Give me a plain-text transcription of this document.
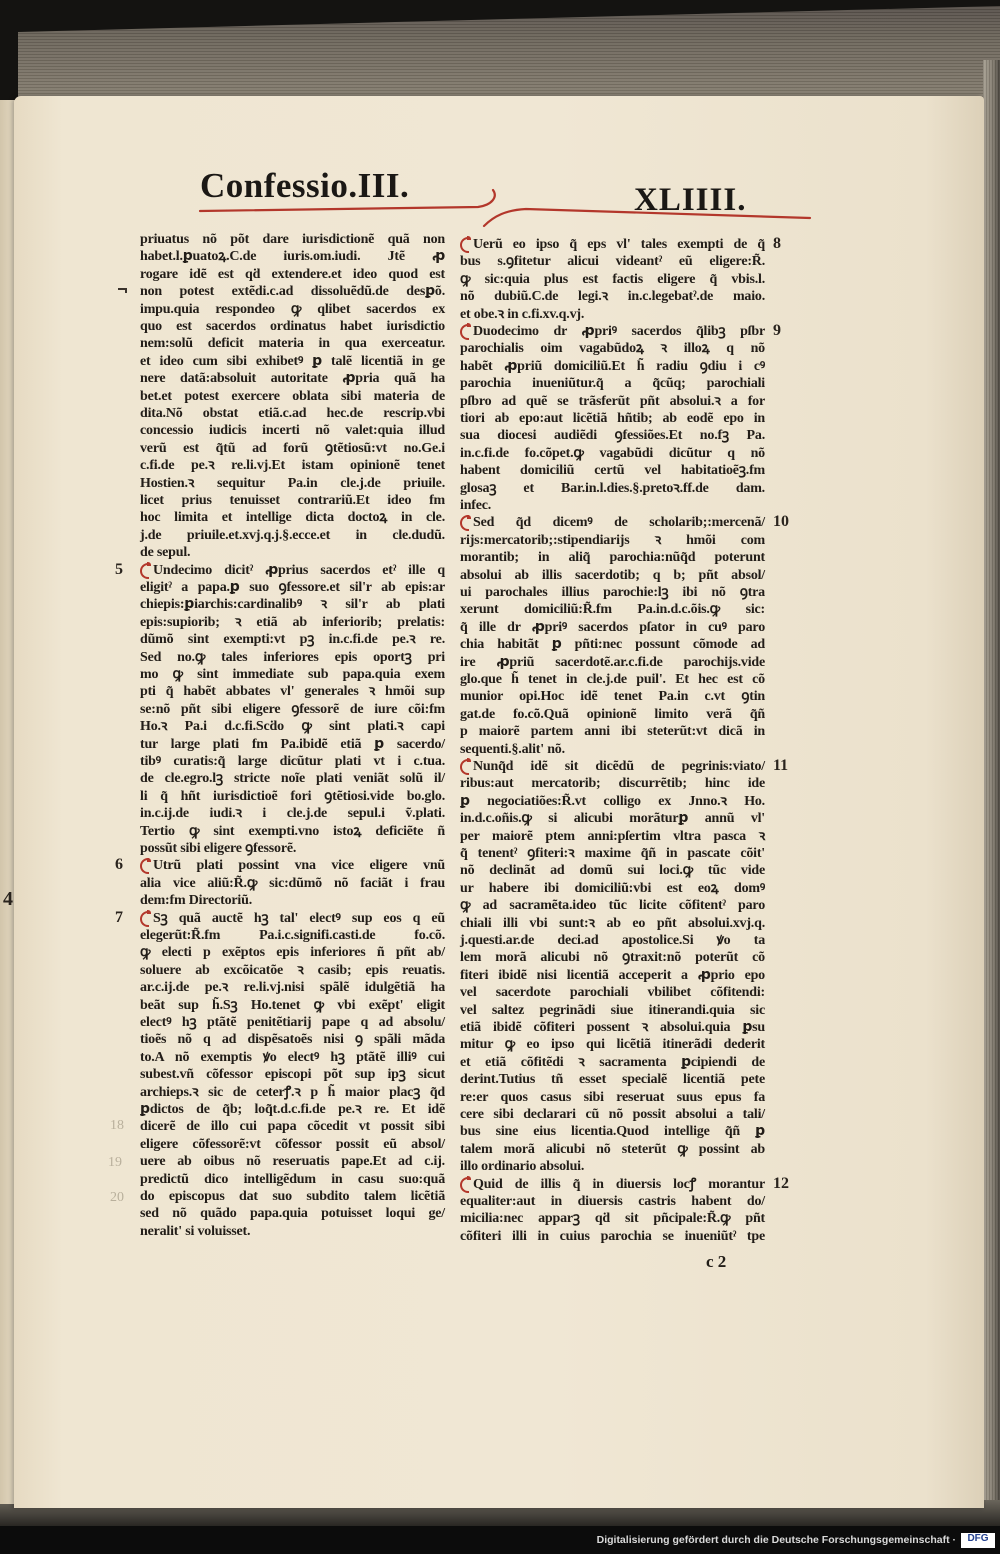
4
Confessio.III.	XLIIII.
priuatus nõ põt dare iurisdictionẽ quã non
habet.l.ꝑuatoꝝ.C.de iuris.om.iudi. Jtẽ ꝓ
rogare idẽ est qḋ extendere.et ideo quod est
non potest extẽdi.c.ad dissoluẽdũ.de desꝑõ.
impu.quia respondeo ꝙ qlibet sacerdos ex
quo est sacerdos ordinatus habet iurisdictio
nem:solũ deficit materia in qua exerceatur.
et ideo cum sibi exhibetꝰ ꝑ talẽ licentiã in ge
nere datã:absoluit autoritate ꝓpria quã ha
bet.et potest exercere oblata sibi materia de
dita.Nõ obstat etiã.c.ad hec.de rescrip.vbi
concessio iudicis incerti nõ valet:quia illud
verũ est q̃tũ ad forũ ꝯtẽtiosũ:vt no.Ge.i
c.fi.de pe.ꝛ re.li.vj.Et istam opinionẽ tenet
Hostien.ꝛ sequitur Pa.in cle.j.de priuile.
licet prius tenuisset contrariũ.Et ideo fm
hoc limita et intellige dicta doctoꝝ in cle.
j.de priuile.et.xvj.q.j.§.ecce.et in cle.dudũ.
de sepul.
5	Undecimo dicitˀ ꝓprius sacerdos etˀ ille q
eligitˀ a papa.ꝑ suo ꝯfessore.et sil'r ab epis:ar
chiepis:ꝑiarchis:cardinalibꝰ ꝛ sil'r ab plati
epis:supiorib; ꝛ etiã ab inferiorib; prelatis:
dũmõ sint exempti:vt pꝫ in.c.fi.de pe.ꝛ re.
Sed no.ꝙ tales inferiores epis oportꝫ pri
mo ꝙ sint immediate sub papa.quia exem
pti q̃ habẽt abbates vl' generales ꝛ hmõi sup
se:nõ pñt sibi eligere ꝯfessorẽ de iure cõi:fm
Ho.ꝛ Pa.i d.c.fi.Scḋo ꝙ sint plati.ꝛ capi
tur large plati fm Pa.ibidẽ etiã ꝑ sacerdo/
tibꝰ curatis:q̃ large dicũtur plati vt i c.tua.
de cle.egro.lꝫ stricte noĩe plati veniãt solũ il/
li q̃ hñt iurisdictioẽ fori ꝯtẽtiosi.vide bo.glo.
in.c.ij.de iudi.ꝛ i cle.j.de sepul.i ṽ.plati.
Tertio ꝙ sint exempti.vno istoꝝ deficiẽte ñ
possũt sibi eligere ꝯfessorẽ.
6	Utrũ plati possint vna vice eligere vnũ
alia vice aliũ:R̃.ꝙ sic:dũmõ nõ faciãt i frau
dem:fm Directoriũ.
7	Sꝫ quã auctẽ hꝫ tal' electꝰ sup eos q eũ
elegerũt:R̃.fm Pa.i.c.signifi.casti.de fo.cõ.
ꝙ electi p exẽptos epis inferiores ñ pñt ab/
soluere ab excõicatõe ꝛ casib; epis reuatis.
ar.c.ij.de pe.ꝛ re.li.vj.nisi spãlẽ idulgẽtiã ha
beãt sup h̃.Sꝫ Ho.tenet ꝙ vbi exẽpt' eligit
electꝰ hꝫ ptãtẽ penitẽtiarij pape q ad absolu/
tioẽs nõ q ad dispẽsatoẽs nisi ꝯ spãli mãda
to.A nõ exemptis ꝟo electꝰ hꝫ ptãtẽ illiꝰ cui
subest.vñ cõfessor episcopi põt sup ipꝫ sicut
archieps.ꝛ sic de ceterꝭ.ꝛ p h̃ maior placꝫ q̃d
ꝑdictos de q̃b; loq̃t.d.c.fi.de pe.ꝛ re. Et idẽ
dicerẽ de illo cui papa cõcedit vt possit sibi
eligere cõfessorẽ:vt cõfessor possit eũ absol/
uere ab oibus nõ reseruatis pape.Et ad c.ij.
predictũ dico intelligẽdum in casu suo:quã
do episcopus dat suo subdito talem licẽtiã
sed nõ quãdo papa.quia potuisset loqui ge/
neralit' si voluisset.
8
Uerũ eo ipso q̃ eps vl' tales exempti de q̃
bus s.ꝯfitetur alicui videantˀ eũ eligere:R̃.
ꝙ sic:quia plus est factis eligere q̃ vbis.l.
nõ dubiũ.C.de legi.ꝛ in.c.legebatˀ.de maio.
et obe.ꝛ in c.fi.xv.q.vj.
9
Duodecimo dr ꝓpriꝰ sacerdos q̃libꝫ pſbr
parochialis oim vagabũdoꝝ ꝛ illoꝝ q nõ
habẽt ꝓpriũ domiciliũ.Et h̃ radiu ꝯdiu i cꝰ
parochia inueniũtur.q̃ a q̃cũq; parochiali
pſbro ad quẽ se trãsferũt pñt absolui.ꝛ a for
tiori ab epo:aut licẽtiã hñtib; ab eodẽ epo in
sua diocesi audiẽdi ꝯfessiões.Et no.fꝫ Pa.
in.c.fi.de fo.cõpet.ꝙ vagabũdi dicũtur q nõ
habent domiciliũ certũ vel habitatioẽꝫ.fm
glosaꝫ et Bar.in.l.dies.§.pretoꝛ.ff.de dam.
infec.
10
Sed q̃d dicemꝰ de scholarib;:mercenã/
rijs:mercatorib;:stipendiarijs ꝛ hmõi com
morantib; in aliq̃ parochia:nũq̃d poterunt
absolui ab illis sacerdotib; q b; pñt absol/
ui parochales illius parochie:lꝫ ibi nõ ꝯtra
xerunt domiciliũ:R̃.fm Pa.in.d.c.õis.ꝙ sic:
q̃ ille dr ꝓpriꝰ sacerdos pſator in cuꝰ paro
chia habitãt ꝑ pñti:nec possunt cõmode ad
ire ꝓpriũ sacerdotẽ.ar.c.fi.de parochijs.vide
glo.que h̃ tenet in cle.j.de puil'. Et hec est cõ
munior opi.Hoc idẽ tenet Pa.in c.vt ꝯtin
gat.de fo.cõ.Quã opinionẽ limito verã q̃ñ
p maiorẽ partem anni ibi steterũt:vt dicã in
sequenti.§.alit' nõ.
11
Nunq̃d idẽ sit dicẽdũ de pegrinis:viato/
ribus:aut mercatorib; discurrẽtib; hinc ide
ꝑ negociatiões:R̃.vt colligo ex Jnno.ꝛ Ho.
in.d.c.oñis.ꝙ si alicubi morãturꝑ annũ vl'
per maiorẽ ptem anni:pſertim vltra pasca ꝛ
q̃ tenentˀ ꝯfiteri:ꝛ maxime q̃ñ in pascate cõit'
nõ declinãt ad domũ sui loci.ꝙ tũc vide
ur habere ibi domiciliũ:vbi est eoꝝ domꝰ
ꝙ ad sacramẽta.ideo tũc licite cõfitentˀ paro
chiali illi vbi sunt:ꝛ ab eo pñt absolui.xvj.q.
j.questi.ar.de deci.ad apostolice.Si ꝟo ta
lem morã alicubi nõ ꝯtraxit:nõ poterũt cõ
fiteri ibidẽ nisi licentiã acceperit a ꝓprio epo
vel sacerdote parochiali vbilibet cõfitendi:
vel saltez pegrinãdi siue itinerandi.quia sic
etiã ibidẽ cõfiteri possent ꝛ absolui.quia ꝑsu
mitur ꝙ eo ipso qui licẽtiã itinerãdi dederit
et etiã cõfitẽdi ꝛ sacramenta ꝑcipiendi de
derint.Tutius tñ esset specialẽ licentiã pete
re:er quos casus sibi reseruat suus epus fa
cere sibi declarari cũ nõ possit absolui a tali/
bus sine eius licentia.Quod intellige q̃ñ ꝑ
talem morã alicubi nõ steterũt ꝙ possint ab
illo ordinario absolui.
12
Quid de illis q̃ in diuersis locꝭ morantur
equaliter:aut in diuersis castris habent do/
micilia:nec apparꝫ qḋ sit pñcipale:R̃.ꝙ pñt
cõfiteri illi in cuius parochia se inueniũtˀ tpe
18
19
20
c 2
Digitalisierung gefördert durch die Deutsche Forschungsgemeinschaft ·	DFG
